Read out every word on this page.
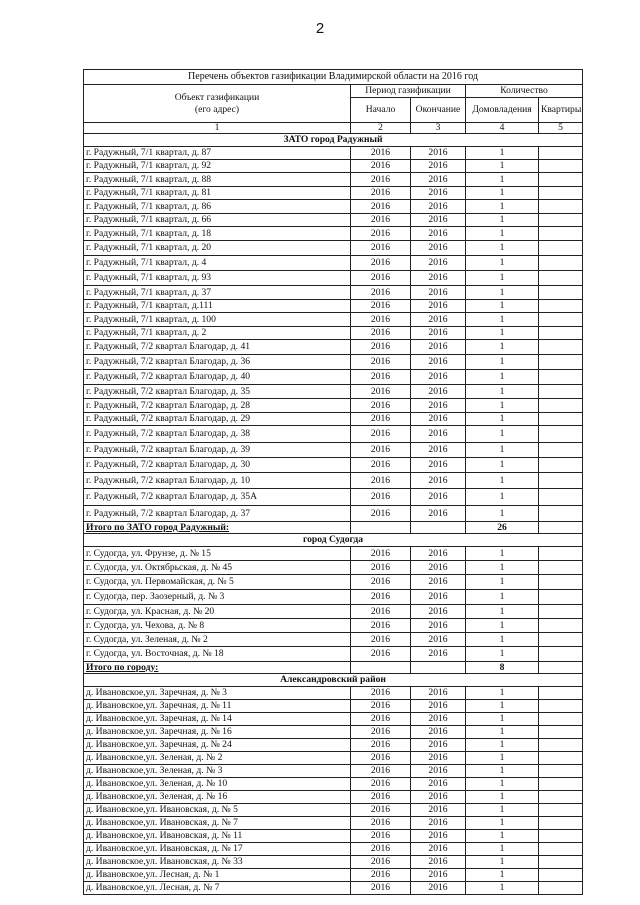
2
Перечень объектов газификации Владимирской области на 2016 год				
Объект газификации
(его адрес)	Период газификации		Количество	
	Начало	Окончание	Домовладения	Квартиры
1	2	3	4	5
ЗАТО город Радужный				
г. Радужный, 7/1 квартал, д. 87	2016	2016	1	
г. Радужный, 7/1 квартал, д. 92	2016	2016	1	
г. Радужный, 7/1 квартал, д. 88	2016	2016	1	
г. Радужный, 7/1 квартал, д. 81	2016	2016	1	
г. Радужный, 7/1 квартал, д. 86	2016	2016	1	
г. Радужный, 7/1 квартал, д. 66	2016	2016	1	
г. Радужный, 7/1 квартал, д. 18	2016	2016	1	
г. Радужный, 7/1 квартал, д. 20	2016	2016	1	
г. Радужный, 7/1 квартал, д. 4	2016	2016	1	
г. Радужный, 7/1 квартал, д. 93	2016	2016	1	
г. Радужный, 7/1 квартал, д. 37	2016	2016	1	
г. Радужный, 7/1 квартал, д.111	2016	2016	1	
г. Радужный, 7/1 квартал, д. 100	2016	2016	1	
г. Радужный, 7/1 квартал, д. 2	2016	2016	1	
г. Радужный, 7/2 квартал Благодар, д. 41	2016	2016	1	
г. Радужный, 7/2 квартал Благодар, д. 36	2016	2016	1	
г. Радужный, 7/2 квартал Благодар, д. 40	2016	2016	1	
г. Радужный, 7/2 квартал Благодар, д. 35	2016	2016	1	
г. Радужный, 7/2 квартал Благодар, д. 28	2016	2016	1	
г. Радужный, 7/2 квартал Благодар, д. 29	2016	2016	1	
г. Радужный, 7/2 квартал Благодар, д. 38	2016	2016	1	
г. Радужный, 7/2 квартал Благодар, д. 39	2016	2016	1	
г. Радужный, 7/2 квартал Благодар, д. 30	2016	2016	1	
г. Радужный, 7/2 квартал Благодар, д. 10	2016	2016	1	
г. Радужный, 7/2 квартал Благодар, д. 35А	2016	2016	1	
г. Радужный, 7/2 квартал Благодар, д. 37	2016	2016	1	
Итого по ЗАТО город Радужный:			26	
город Судогда				
г. Судогда, ул. Фрунзе, д. № 15	2016	2016	1	
г. Судогда, ул. Октябрьская, д. № 45	2016	2016	1	
г. Судогда, ул. Первомайская, д. № 5	2016	2016	1	
г. Судогда, пер. Заозерный, д. № 3	2016	2016	1	
г. Судогда, ул. Красная, д. № 20	2016	2016	1	
г. Судогда, ул. Чехова, д. № 8	2016	2016	1	
г. Судогда, ул. Зеленая, д. № 2	2016	2016	1	
г. Судогда, ул. Восточная, д. № 18	2016	2016	1	
Итого по городу:			8	
Александровский район				
д. Ивановское,ул. Заречная, д. № 3	2016	2016	1	
д. Ивановское,ул. Заречная, д. № 11	2016	2016	1	
д. Ивановское,ул. Заречная, д. № 14	2016	2016	1	
д. Ивановское,ул. Заречная, д. № 16	2016	2016	1	
д. Ивановское,ул. Заречная, д. № 24	2016	2016	1	
д. Ивановское,ул. Зеленая, д. № 2	2016	2016	1	
д. Ивановское,ул. Зеленая, д. № 3	2016	2016	1	
д. Ивановское,ул. Зеленая, д. № 10	2016	2016	1	
д. Ивановское,ул. Зеленая, д. № 16	2016	2016	1	
д. Ивановское,ул. Ивановская, д. № 5	2016	2016	1	
д. Ивановское,ул. Ивановская, д. № 7	2016	2016	1	
д. Ивановское,ул. Ивановская, д. № 11	2016	2016	1	
д. Ивановское,ул. Ивановская, д. № 17	2016	2016	1	
д. Ивановское,ул. Ивановская, д. № 33	2016	2016	1	
д. Ивановское,ул. Лесная, д. № 1	2016	2016	1	
д. Ивановское,ул. Лесная, д. № 7	2016	2016	1	
